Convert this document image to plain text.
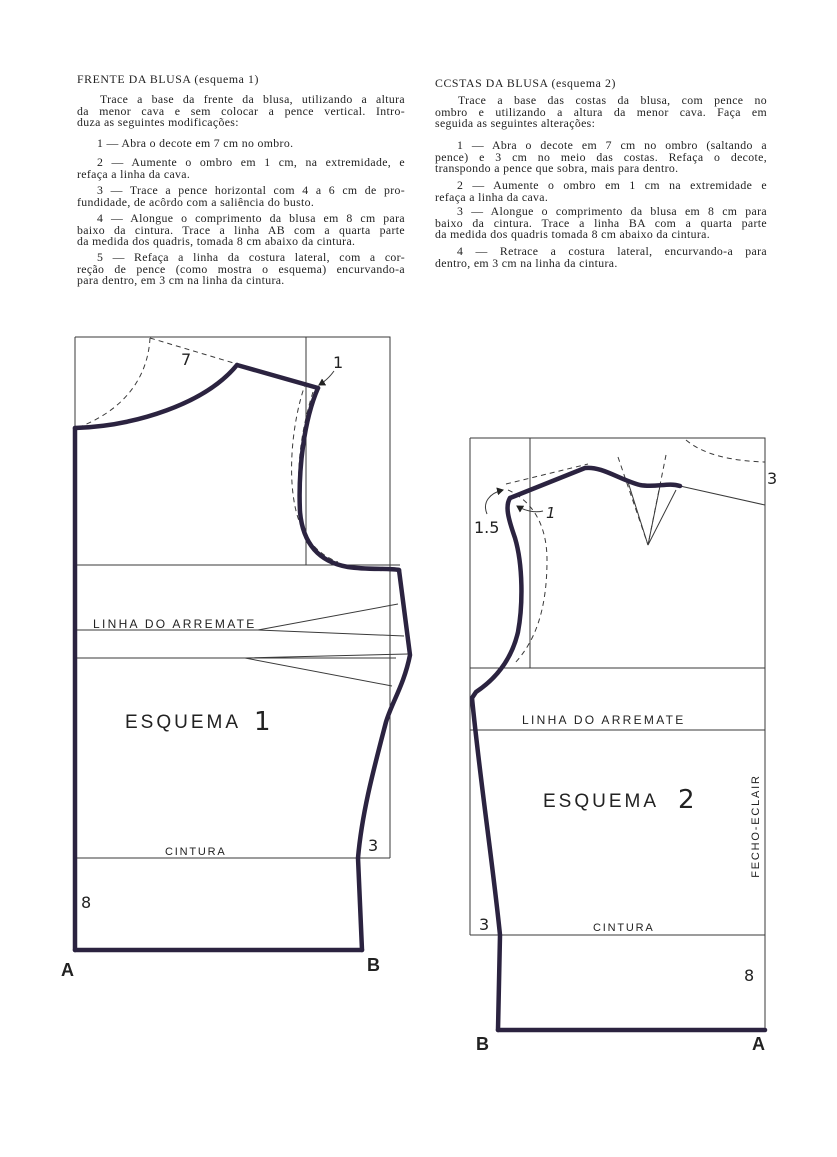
FRENTE DA BLUSA (esquema 1)
Trace a base da frente da blusa, utilizando a altura
da menor cava e sem colocar a pence vertical. Intro-
duza as seguintes modificações:
1 — Abra o decote em 7 cm no ombro.
2 — Aumente o ombro em 1 cm, na extremidade, e
refaça a linha da cava.
3 — Trace a pence horizontal com 4 a 6 cm de pro-
fundidade, de acôrdo com a saliência do busto.
4 — Alongue o comprimento da blusa em 8 cm para
baixo da cintura. Trace a linha AB com a quarta parte
da medida dos quadris, tomada 8 cm abaixo da cintura.
5 — Refaça a linha da costura lateral, com a cor-
reção de pence (como mostra o esquema) encurvando-a
para dentro, em 3 cm na linha da cintura.
CCSTAS DA BLUSA (esquema 2)
Trace a base das costas da blusa, com pence no
ombro e utilizando a altura da menor cava. Faça em
seguida as seguintes alterações:
1 — Abra o decote em 7 cm no ombro (saltando a
pence) e 3 cm no meio das costas. Refaça o decote,
transpondo a pence que sobra, mais para dentro.
2 — Aumente o ombro em 1 cm na extremidade e
refaça a linha da cava.
3 — Alongue o comprimento da blusa em 8 cm para
baixo da cintura. Trace a linha BA com a quarta parte
da medida dos quadris tomada 8 cm abaixo da cintura.
4 — Retrace a costura lateral, encurvando-a para
dentro, em 3 cm na linha da cintura.
7	1
LINHA DO ARREMATE
ESQUEMA 1
CINTURA	3
8
A	B
3
1.5
1
LINHA DO ARREMATE
ESQUEMA 2	FECHO-ECLAIR
CINTURA
3
8
B	A
